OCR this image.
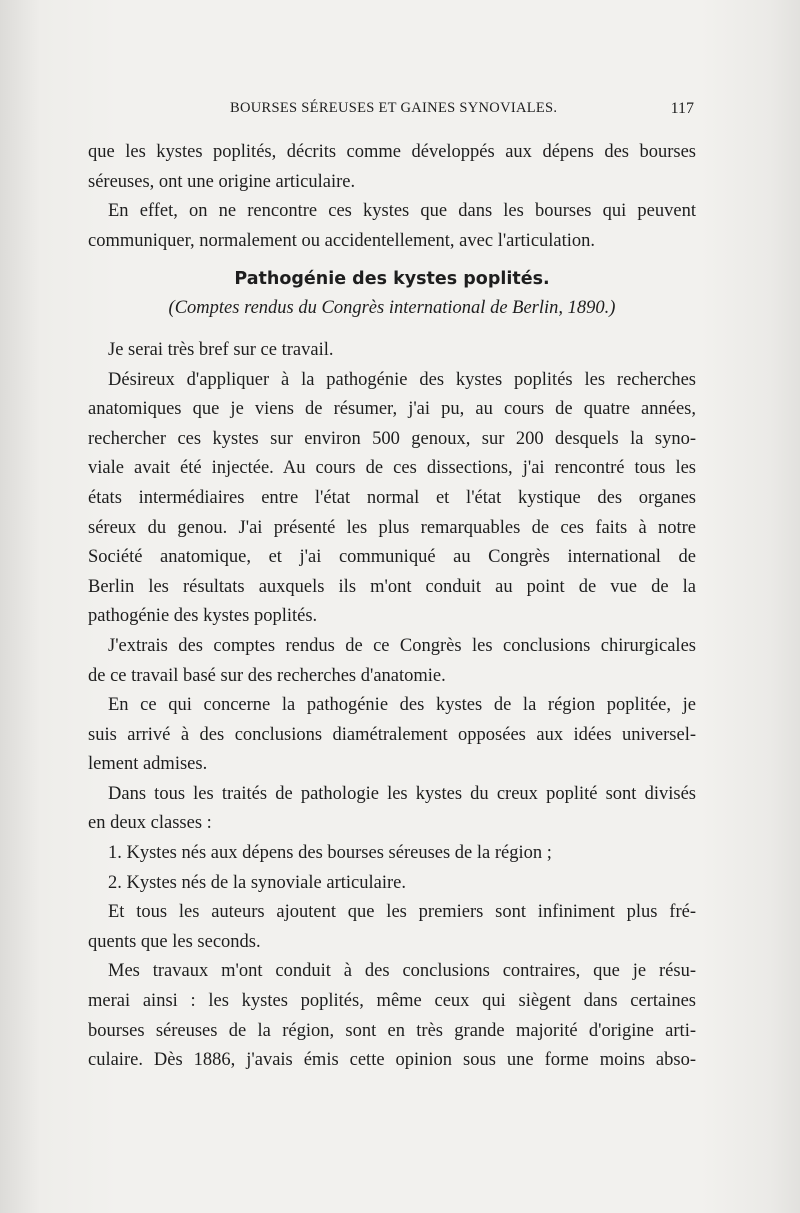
BOURSES SÉREUSES ET GAINES SYNOVIALES.	117
que les kystes poplités, décrits comme développés aux dépens des bourses
séreuses, ont une origine articulaire.
En effet, on ne rencontre ces kystes que dans les bourses qui peuvent
communiquer, normalement ou accidentellement, avec l'articulation.
Pathogénie des kystes poplités.
(Comptes rendus du Congrès international de Berlin, 1890.)
Je serai très bref sur ce travail.
Désireux d'appliquer à la pathogénie des kystes poplités les recherches
anatomiques que je viens de résumer, j'ai pu, au cours de quatre années,
rechercher ces kystes sur environ 500 genoux, sur 200 desquels la syno-
viale avait été injectée. Au cours de ces dissections, j'ai rencontré tous les
états intermédiaires entre l'état normal et l'état kystique des organes
séreux du genou. J'ai présenté les plus remarquables de ces faits à notre
Société anatomique, et j'ai communiqué au Congrès international de
Berlin les résultats auxquels ils m'ont conduit au point de vue de la
pathogénie des kystes poplités.
J'extrais des comptes rendus de ce Congrès les conclusions chirurgicales
de ce travail basé sur des recherches d'anatomie.
En ce qui concerne la pathogénie des kystes de la région poplitée, je
suis arrivé à des conclusions diamétralement opposées aux idées universel-
lement admises.
Dans tous les traités de pathologie les kystes du creux poplité sont divisés
en deux classes :
1. Kystes nés aux dépens des bourses séreuses de la région ;
2. Kystes nés de la synoviale articulaire.
Et tous les auteurs ajoutent que les premiers sont infiniment plus fré-
quents que les seconds.
Mes travaux m'ont conduit à des conclusions contraires, que je résu-
merai ainsi : les kystes poplités, même ceux qui siègent dans certaines
bourses séreuses de la région, sont en très grande majorité d'origine arti-
culaire. Dès 1886, j'avais émis cette opinion sous une forme moins abso-
